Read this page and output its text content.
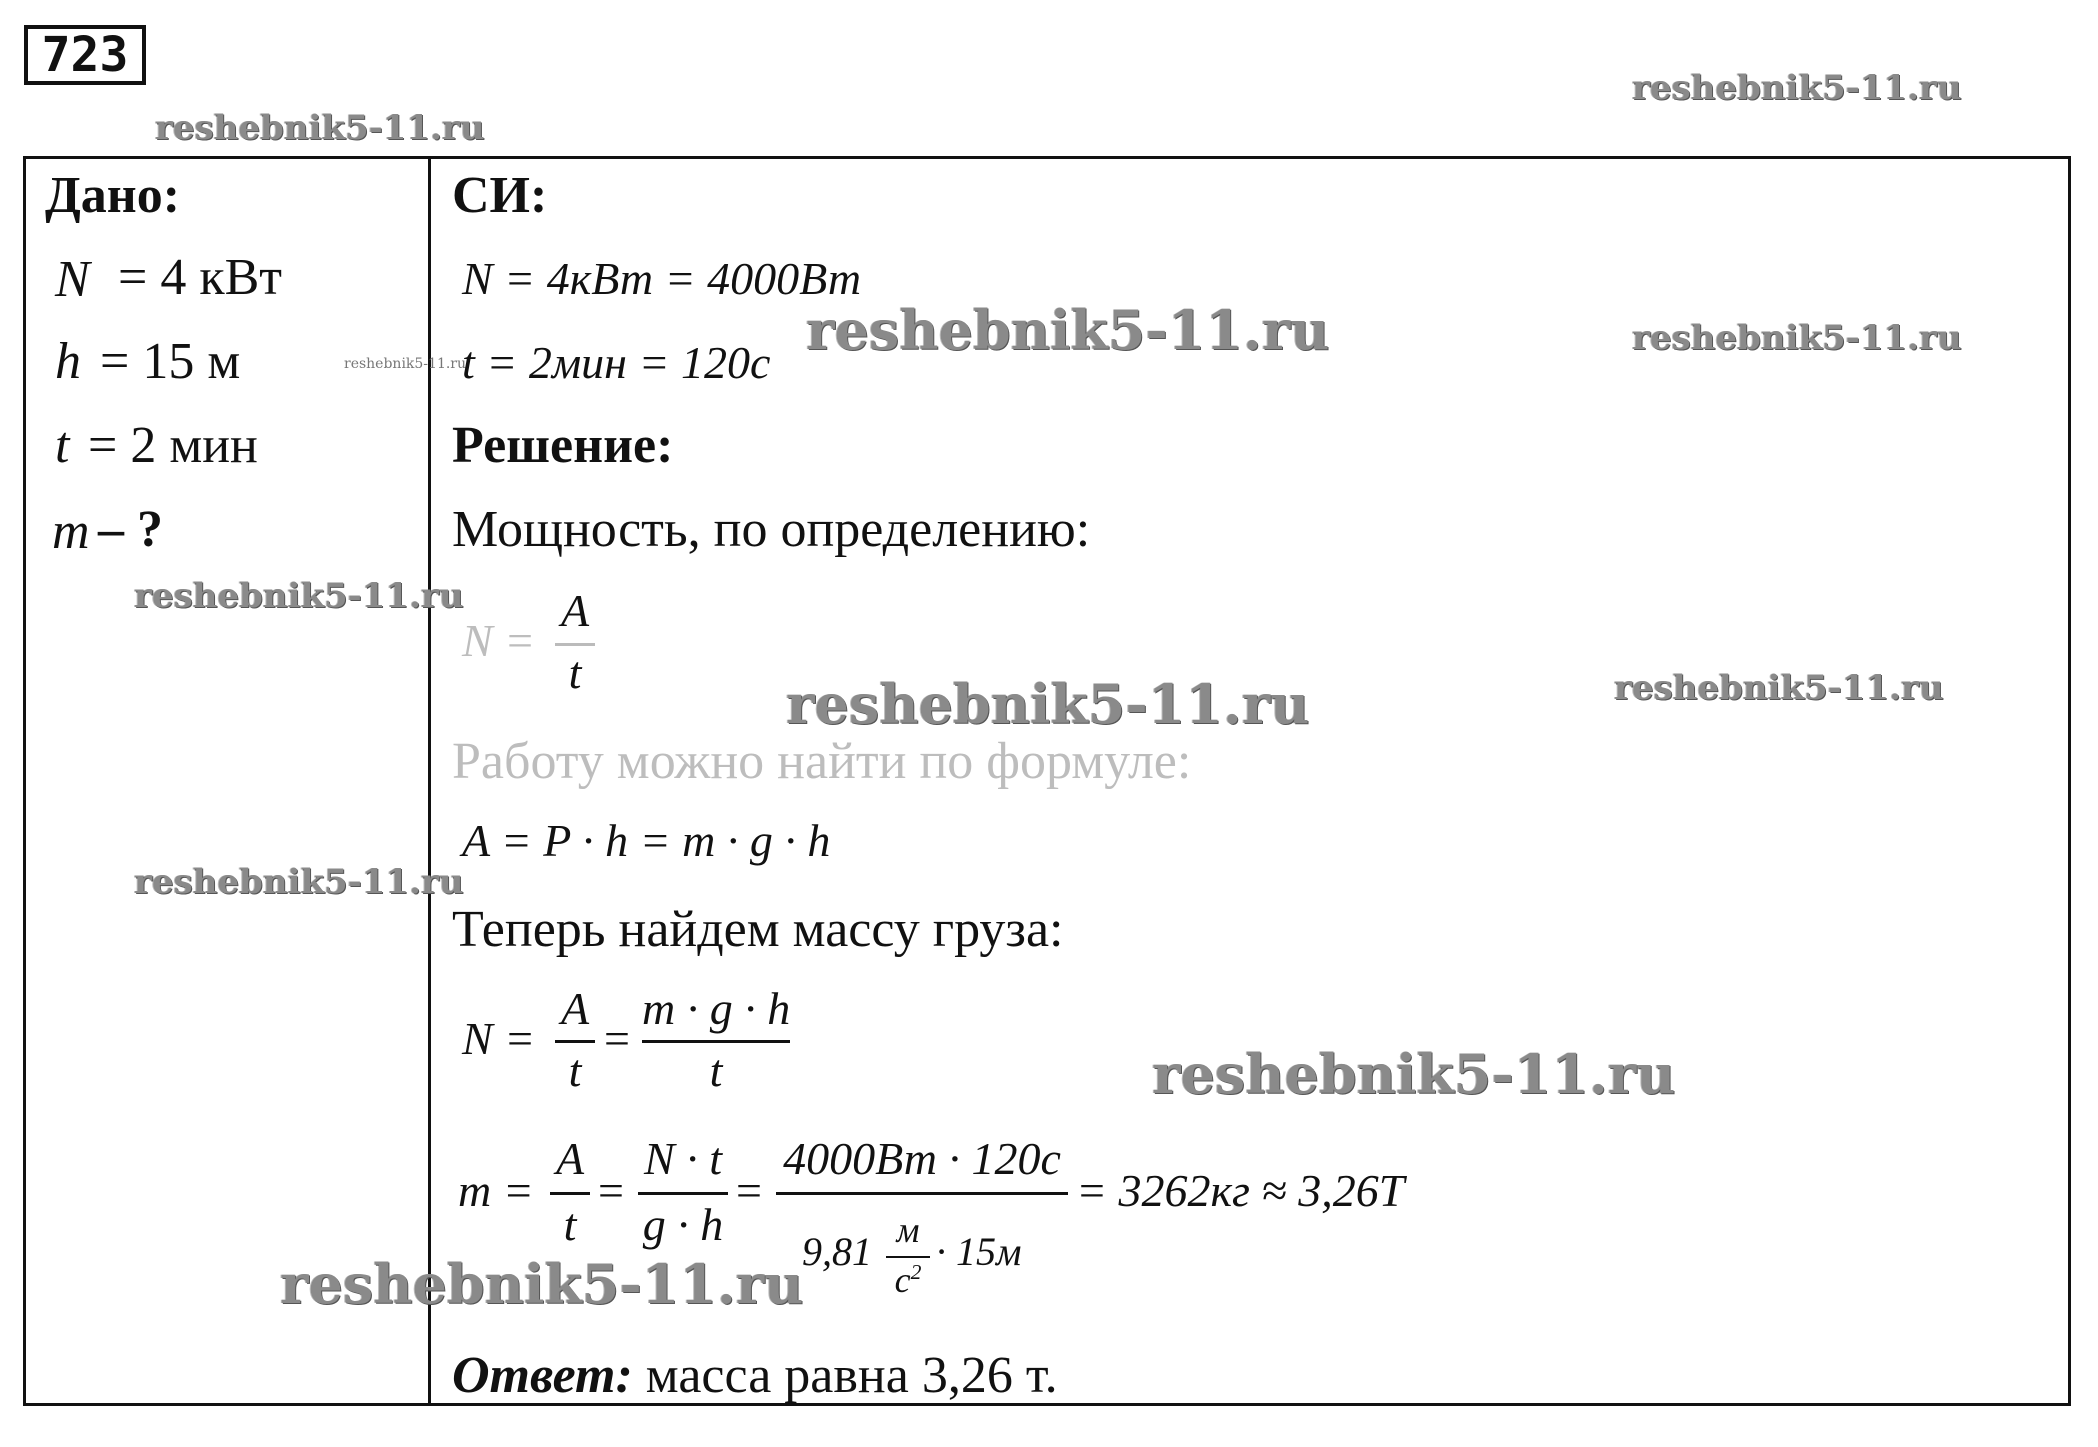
723
reshebnik5-11.ru
reshebnik5-11.ru
reshebnik5-11.ru	reshebnik5-11.ru
reshebnik5-11.ru
reshebnik5-11.ru
reshebnik5-11.ru	reshebnik5-11.ru
reshebnik5-11.ru
reshebnik5-11.ru
reshebnik5-11.ru
Дано:
N = 4 кВт
h = 15 м
t = 2 мин
m – ?
СИ:
N = 4кВт = 4000Вт
t = 2мин = 120с
Решение:
Мощность, по определению:
N =
A
t
Работу можно найти по формуле:
A = P · h = m · g · h
Теперь найдем массу груза:
N =
A
t
=
m · g · h
t
m =
A
t
=
N · t
g · h
=
4000Вт · 120с
9,81 м
$с^2 \cdot 15м$
= 3262кг ≈ 3,26Т
Ответ: масса равна 3,26 т.
